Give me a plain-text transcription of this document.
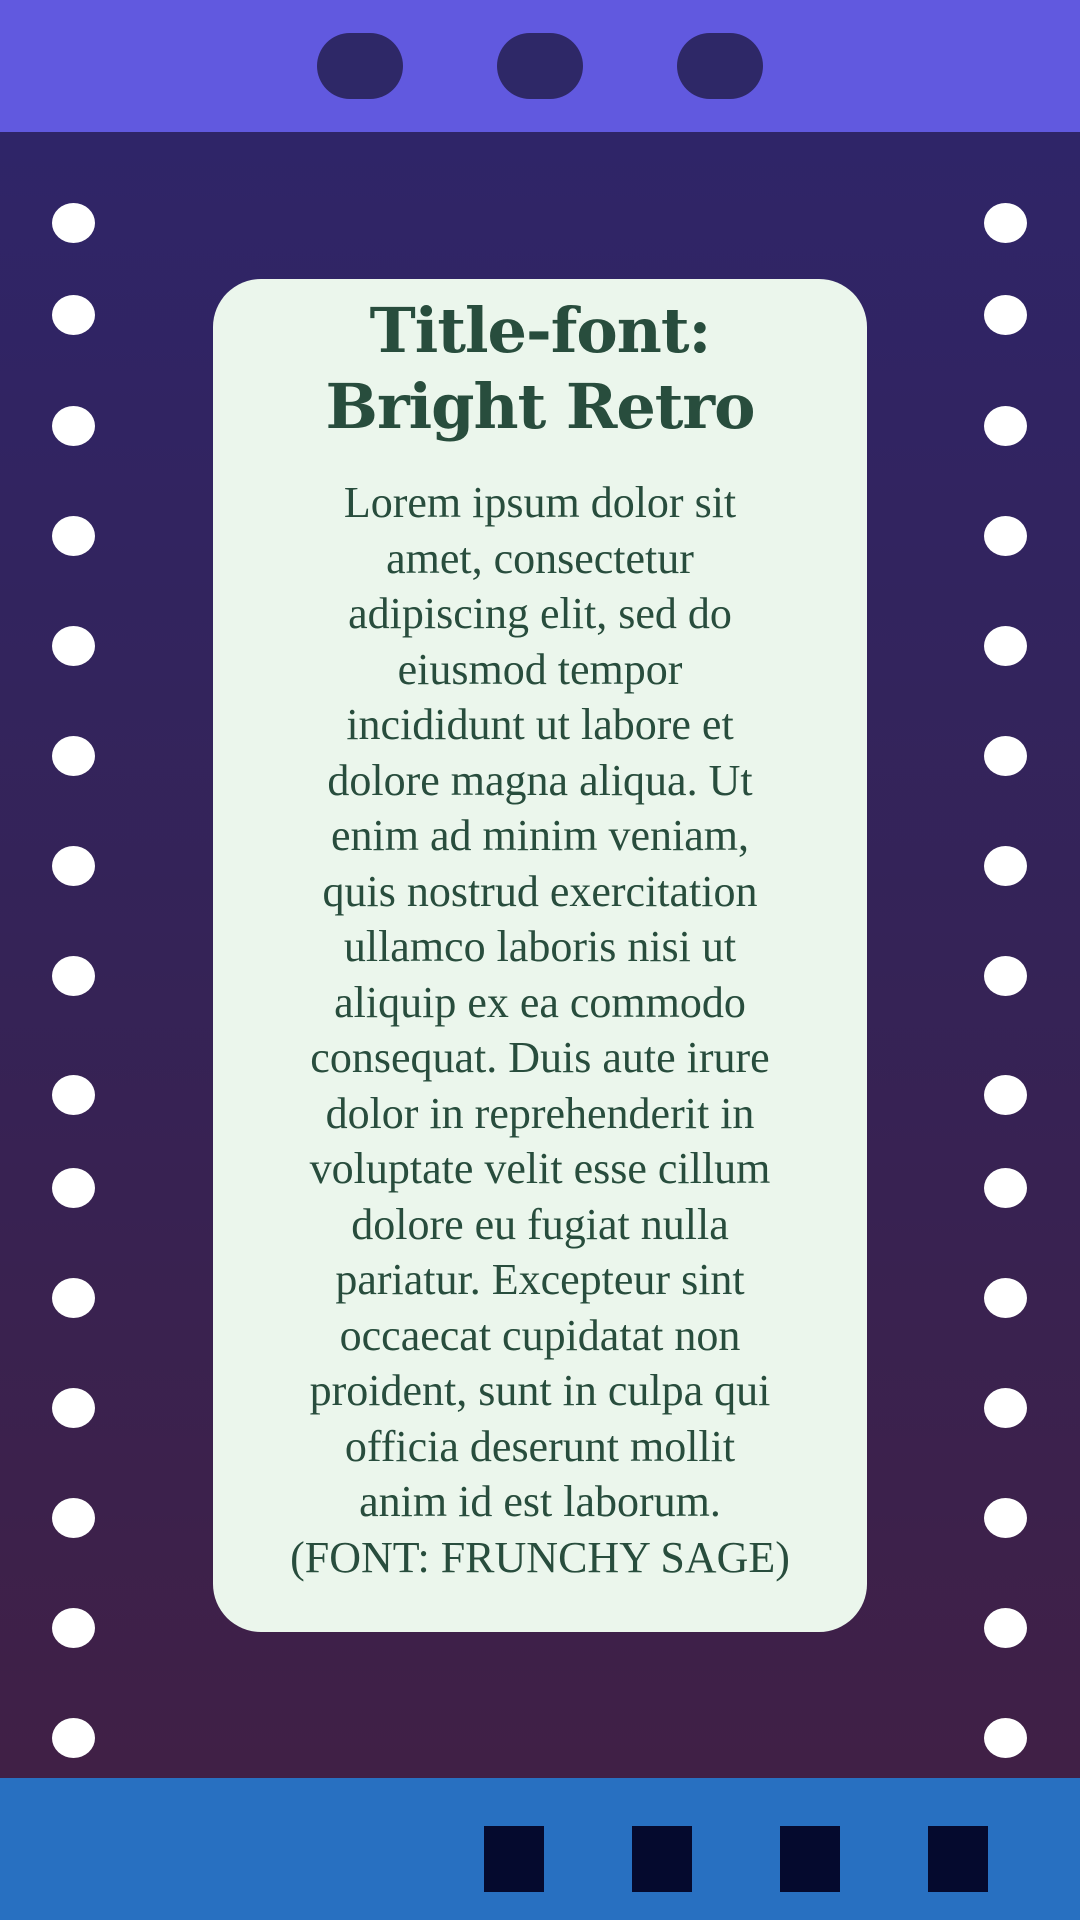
Title-font:
Bright Retro

Lorem ipsum dolor sit
amet, consectetur
adipiscing elit, sed do
eiusmod tempor
incididunt ut labore et
dolore magna aliqua. Ut
enim ad minim veniam,
quis nostrud exercitation
ullamco laboris nisi ut
aliquip ex ea commodo
consequat. Duis aute irure
dolor in reprehenderit in
voluptate velit esse cillum
dolore eu fugiat nulla
pariatur. Excepteur sint
occaecat cupidatat non
proident, sunt in culpa qui
officia deserunt mollit
anim id est laborum.
(FONT: FRUNCHY SAGE)
